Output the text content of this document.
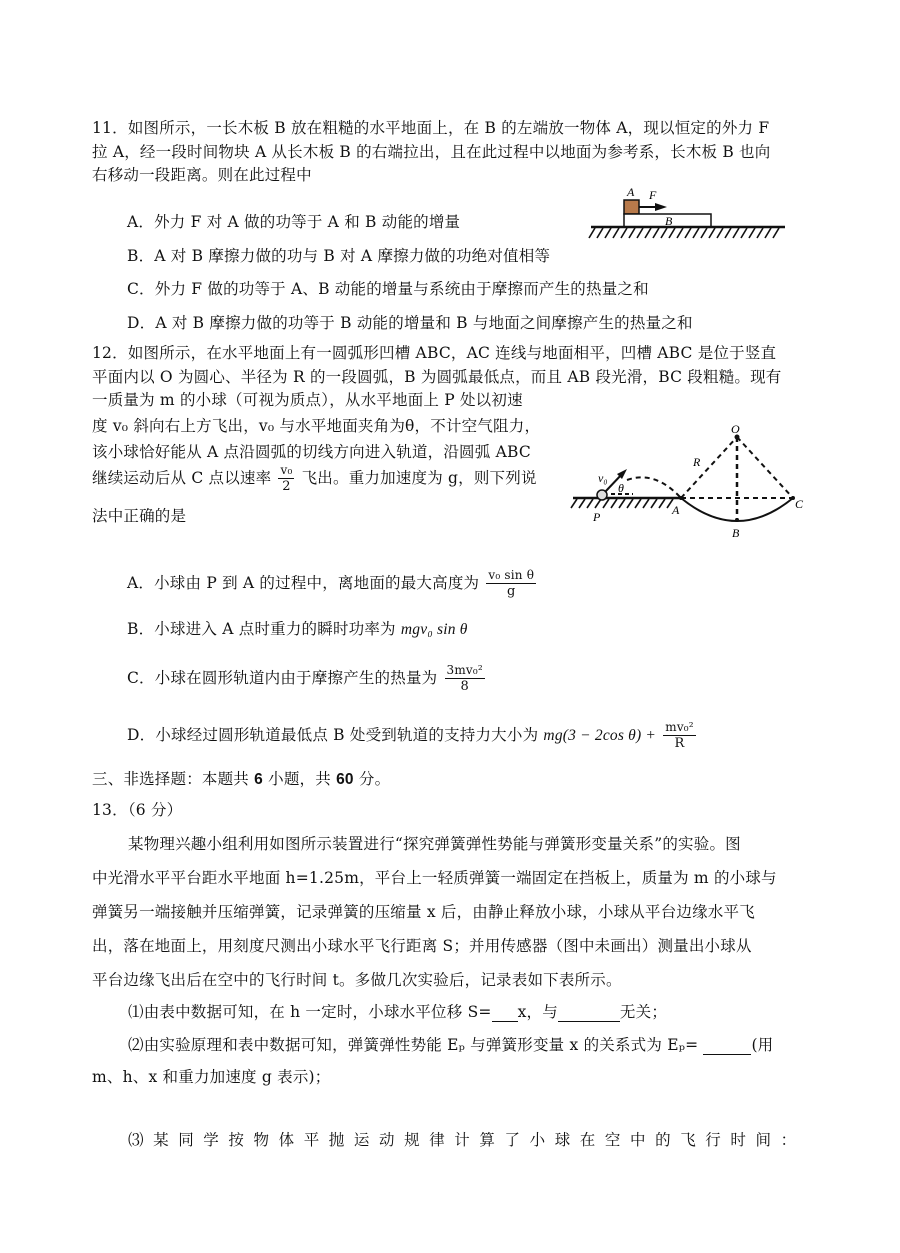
11．如图所示，一长木板 B 放在粗糙的水平地面上，在 B 的左端放一物体 A，现以恒定的外力 F
拉 A，经一段时间物块 A 从长木板 B 的右端拉出，且在此过程中以地面为参考系，长木板 B 也向
右移动一段距离。则在此过程中
A F
B
A．外力 F 对 A 做的功等于 A 和 B 动能的增量
B．A 对 B 摩擦力做的功与 B 对 A 摩擦力做的功绝对值相等
C．外力 F 做的功等于 A、B 动能的增量与系统由于摩擦而产生的热量之和
D．A 对 B 摩擦力做的功等于 B 动能的增量和 B 与地面之间摩擦产生的热量之和
12．如图所示，在水平地面上有一圆弧形凹槽 ABC，AC 连线与地面相平，凹槽 ABC 是位于竖直
平面内以 O 为圆心、半径为 R 的一段圆弧，B 为圆弧最低点，而且 AB 段光滑，BC 段粗糙。现有
一质量为 m 的小球（可视为质点），从水平地面上 P 处以初速
度 v₀ 斜向右上方飞出，v₀ 与水平地面夹角为θ，不计空气阻力，
该小球恰好能从 A 点沿圆弧的切线方向进入轨道，沿圆弧 ABC
继续运动后从 C 点以速率 $\frac{\text{v₀}}{2}$ 飞出。重力加速度为 g，则下列说
法中正确的是
O
R
v₀
θ
P	A
B
C
A．小球由 P 到 A 的过程中，离地面的最大高度为 $\frac{\text{v₀ sin θ}}{g}$
B．小球进入 A 点时重力的瞬时功率为 mgv₀ sin θ
C．小球在圆形轨道内由于摩擦产生的热量为 $\frac{\text{3mv₀²}}{8}$
D．小球经过圆形轨道最低点 B 处受到轨道的支持力大小为 mg(3 − 2cos $\theta) + \frac{\text{mv₀²}}{R}$
三、非选择题：本题共 6 小题，共 60 分。
13．（6 分）
某物理兴趣小组利用如图所示装置进行“探究弹簧弹性势能与弹簧形变量关系”的实验。图
中光滑水平平台距水平地面 h=1.25m，平台上一轻质弹簧一端固定在挡板上，质量为 m 的小球与
弹簧另一端接触并压缩弹簧，记录弹簧的压缩量 x 后，由静止释放小球，小球从平台边缘水平飞
出，落在地面上，用刻度尺测出小球水平飞行距离 S；并用传感器（图中未画出）测量出小球从
平台边缘飞出后在空中的飞行时间 t。多做几次实验后，记录表如下表所示。
⑴由表中数据可知，在 h 一定时，小球水平位移 S= x，与	无关；
⑵由实验原理和表中数据可知，弹簧弹性势能 Eₚ 与弹簧形变量 x 的关系式为 Eₚ=	(用
m、h、x 和重力加速度 g 表示)；
⑶某同学按物体平抛运动规律计算了小球在空中的飞行时间：
